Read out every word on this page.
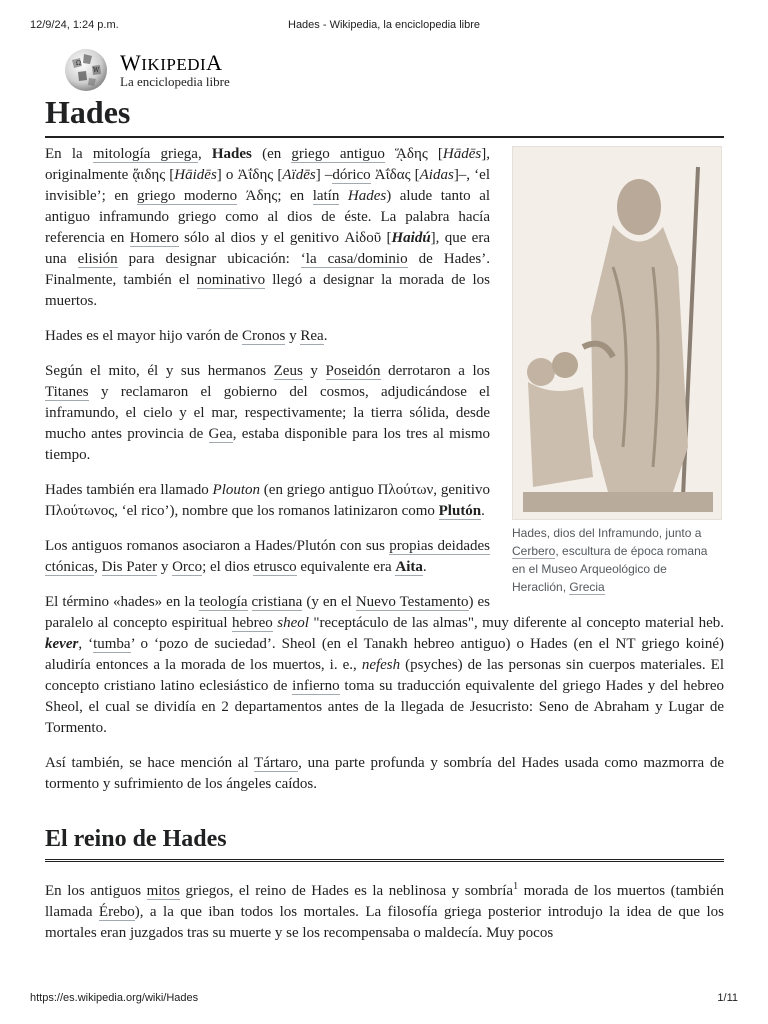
12/9/24, 1:24 p.m.	Hades - Wikipedia, la enciclopedia libre
Ω
W WIKIPEDIA
La enciclopedia libre
Hades
Hades, dios del Inframundo, junto a Cerbero, escultura de época romana en el Museo Arqueológico de Heraclión, Grecia

En la mitología griega, Hades (en griego antiguo ᾍδης [Hādēs], originalmente ᾅιδης [Hāidēs] o Ἀΐδης [Aïdēs] –dórico Ἀΐδας [Aidas]–, ‘el invisible’; en griego moderno Άδης; en latín Hades) alude tanto al antiguo inframundo griego como al dios de éste. La palabra hacía referencia en Homero sólo al dios y el genitivo Αἱδοῦ [Haidú], que era una elisión para designar ubicación: ‘la casa/dominio de Hades’. Finalmente, también el nominativo llegó a designar la morada de los muertos.

Hades es el mayor hijo varón de Cronos y Rea.

Según el mito, él y sus hermanos Zeus y Poseidón derrotaron a los Titanes y reclamaron el gobierno del cosmos, adjudicándose el inframundo, el cielo y el mar, respectivamente; la tierra sólida, desde mucho antes provincia de Gea, estaba disponible para los tres al mismo tiempo.

Hades también era llamado Plouton (en griego antiguo Πλούτων, genitivo Πλούτωνος, ‘el rico’), nombre que los romanos latinizaron como Plutón.

Los antiguos romanos asociaron a Hades/Plutón con sus propias deidades ctónicas, Dis Pater y Orco; el dios etrusco equivalente era Aita.

El término «hades» en la teología cristiana (y en el Nuevo Testamento) es paralelo al concepto espiritual hebreo sheol "receptáculo de las almas", muy diferente al concepto material heb. kever, ‘tumba’ o ‘pozo de suciedad’. Sheol (en el Tanakh hebreo antiguo) o Hades (en el NT griego koiné) aludiría entonces a la morada de los muertos, i. e., nefesh (psyches) de las personas sin cuerpos materiales. El concepto cristiano latino eclesiástico de infierno toma su traducción equivalente del griego Hades y del hebreo Sheol, el cual se dividía en 2 departamentos antes de la llegada de Jesucristo: Seno de Abraham y Lugar de Tormento.

Así también, se hace mención al Tártaro, una parte profunda y sombría del Hades usada como mazmorra de tormento y sufrimiento de los ángeles caídos.

El reino de Hades

En los antiguos mitos griegos, el reino de Hades es la neblinosa y sombría$^1$ morada de los muertos (también llamada Érebo), a la que iban todos los mortales. La filosofía griega posterior introdujo la idea de que los mortales eran juzgados tras su muerte y se los recompensaba o maldecía. Muy pocos

https://es.wikipedia.org/wiki/Hades	1/11
